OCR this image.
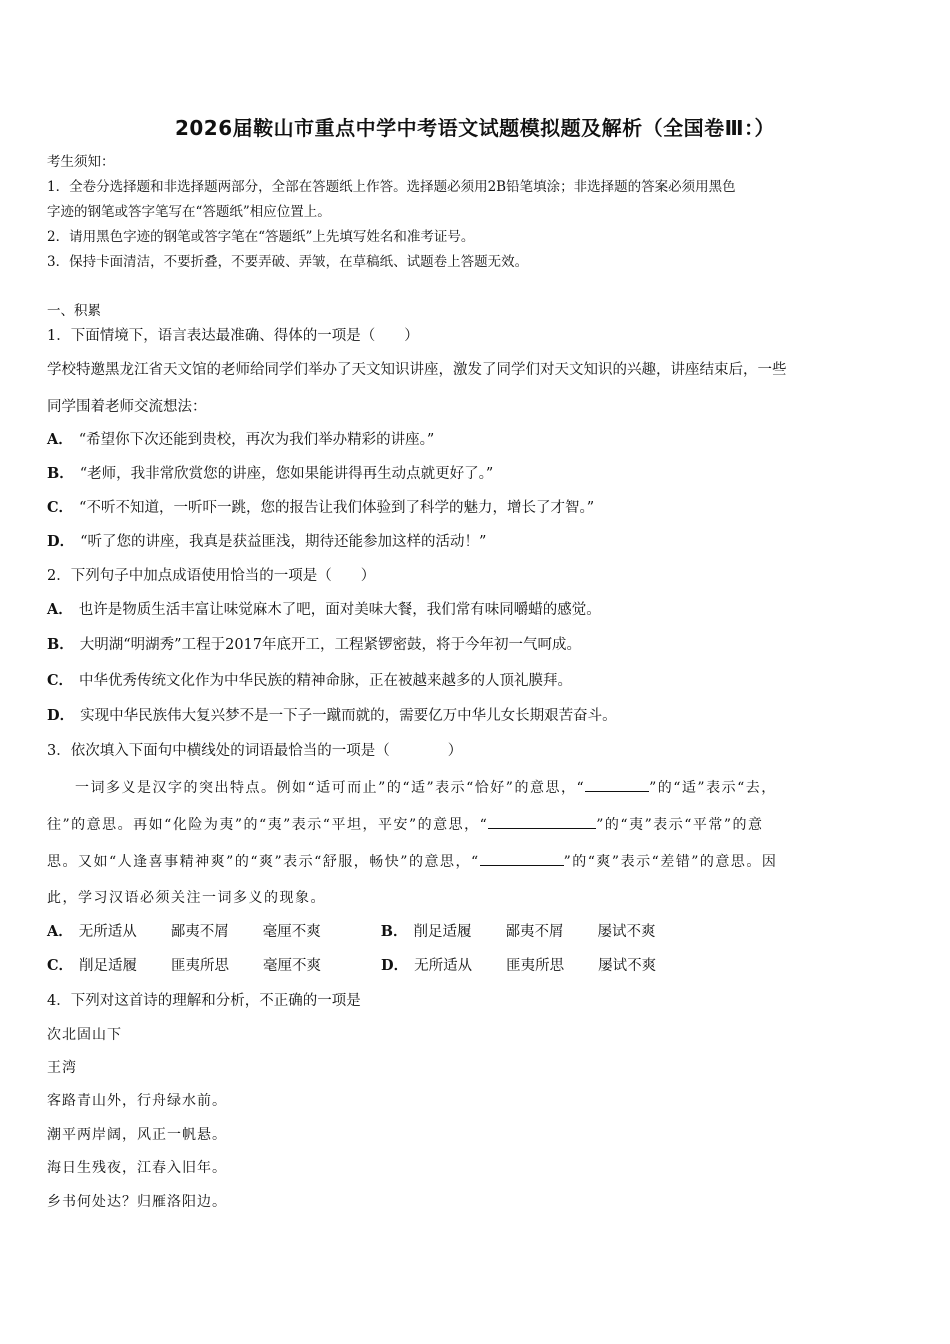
2026届鞍山市重点中学中考语文试题模拟题及解析（全国卷Ⅲ：）
考生须知：
1．全卷分选择题和非选择题两部分，全部在答题纸上作答。选择题必须用2B铅笔填涂；非选择题的答案必须用黑色
字迹的钢笔或答字笔写在“答题纸”相应位置上。
2．请用黑色字迹的钢笔或答字笔在“答题纸”上先填写姓名和准考证号。
3．保持卡面清洁，不要折叠，不要弄破、弄皱，在草稿纸、试题卷上答题无效。
一、积累
1．下面情境下，语言表达最准确、得体的一项是（　　）
学校特邀黑龙江省天文馆的老师给同学们举办了天文知识讲座，激发了同学们对天文知识的兴趣，讲座结束后，一些
同学围着老师交流想法：
A． “希望你下次还能到贵校，再次为我们举办精彩的讲座。”
B． “老师，我非常欣赏您的讲座，您如果能讲得再生动点就更好了。”
C． “不听不知道，一听吓一跳，您的报告让我们体验到了科学的魅力，增长了才智。”
D． “听了您的讲座，我真是获益匪浅，期待还能参加这样的活动！”
2．下列句子中加点成语使用恰当的一项是（　　）
A． 也许是物质生活丰富让味觉麻木了吧，面对美味大餐，我们常有味同嚼蜡的感觉。
B． 大明湖“明湖秀”工程于2017年底开工，工程紧锣密鼓，将于今年初一气呵成。
C． 中华优秀传统文化作为中华民族的精神命脉，正在被越来越多的人顶礼膜拜。
D． 实现中华民族伟大复兴梦不是一下子一蹴而就的，需要亿万中华儿女长期艰苦奋斗。
3．依次填入下面句中横线处的词语最恰当的一项是（　　　　）
一词多义是汉字的突出特点。例如“适可而止”的“适”表示“恰好”的意思，“	”的“适”表示“去，
往”的意思。再如“化险为夷”的“夷”表示“平坦，平安”的意思，“	”的“夷”表示“平常”的意
思。又如“人逢喜事精神爽”的“爽”表示“舒服，畅快”的意思，“	”的“爽”表示“差错”的意思。因
此，学习汉语必须关注一词多义的现象。
A． 无所适从 鄙夷不屑 毫厘不爽	B． 削足适履 鄙夷不屑 屡试不爽
C． 削足适履 匪夷所思 毫厘不爽	D． 无所适从 匪夷所思 屡试不爽
4．下列对这首诗的理解和分析，不正确的一项是
次北固山下
王湾
客路青山外，行舟绿水前。
潮平两岸阔，风正一帆悬。
海日生残夜，江春入旧年。
乡书何处达？归雁洛阳边。
